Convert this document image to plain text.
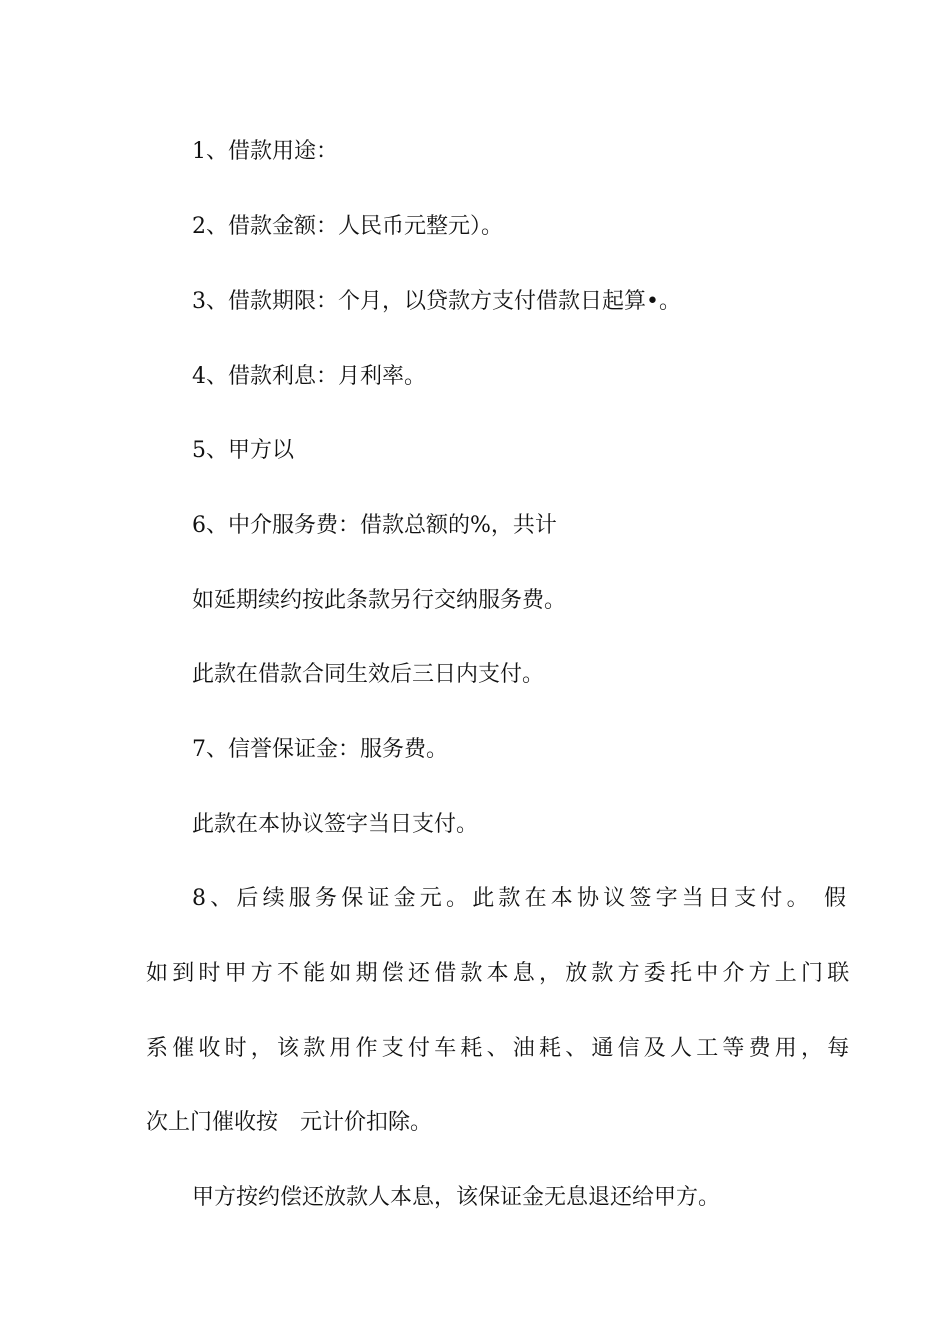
1、借款用途：
2、借款金额：人民币元整元）。
3、借款期限：个月，以贷款方支付借款日起算•。
4、借款利息：月利率。
5、甲方以
6、中介服务费：借款总额的%，共计
如延期续约按此条款另行交纳服务费。
此款在借款合同生效后三日内支付。
7、信誉保证金：服务费。
此款在本协议签字当日支付。
8、后续服务保证金元。此款在本协议签字当日支付。 假
如到时甲方不能如期偿还借款本息，放款方委托中介方上门联
系催收时，该款用作支付车耗、油耗、通信及人工等费用，每
次上门催收按　元计价扣除。
甲方按约偿还放款人本息，该保证金无息退还给甲方。
